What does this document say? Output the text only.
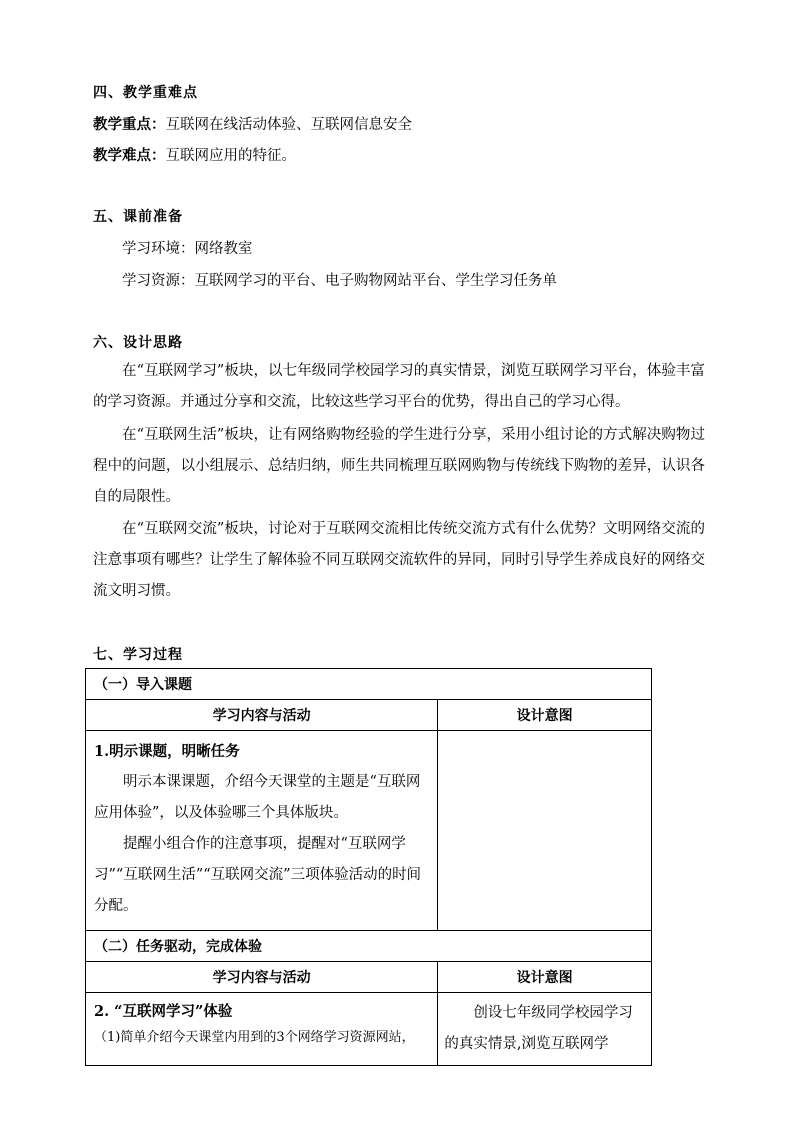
四、教学重难点
教学重点：互联网在线活动体验、互联网信息安全
教学难点：互联网应用的特征。
五、课前准备
学习环境：网络教室
学习资源：互联网学习的平台、电子购物网站平台、学生学习任务单
六、设计思路
在“互联网学习”板块，以七年级同学校园学习的真实情景，浏览互联网学习平台，体验丰富的学习资源。并通过分享和交流，比较这些学习平台的优势，得出自己的学习心得。
在“互联网生活”板块，让有网络购物经验的学生进行分享，采用小组讨论的方式解决购物过程中的问题，以小组展示、总结归纳，师生共同梳理互联网购物与传统线下购物的差异，认识各自的局限性。
在“互联网交流”板块，讨论对于互联网交流相比传统交流方式有什么优势？文明网络交流的注意事项有哪些？让学生了解体验不同互联网交流软件的异同，同时引导学生养成良好的网络交流文明习惯。
七、学习过程
（一）导入课题	
学习内容与活动	设计意图

1.明示课题，明晰任务
明示本课课题，介绍今天课堂的主题是“互联网应用体验”，以及体验哪三个具体版块。
提醒小组合作的注意事项，提醒对“互联网学习”“互联网生活”“互联网交流”三项体验活动的时间分配。	

（二）任务驱动，完成体验	
学习内容与活动	设计意图

2. “互联网学习”体验
（1)简单介绍今天课堂内用到的3个网络学习资源网站，	创设七年级同学校园学习的真实情景,浏览互联网学
